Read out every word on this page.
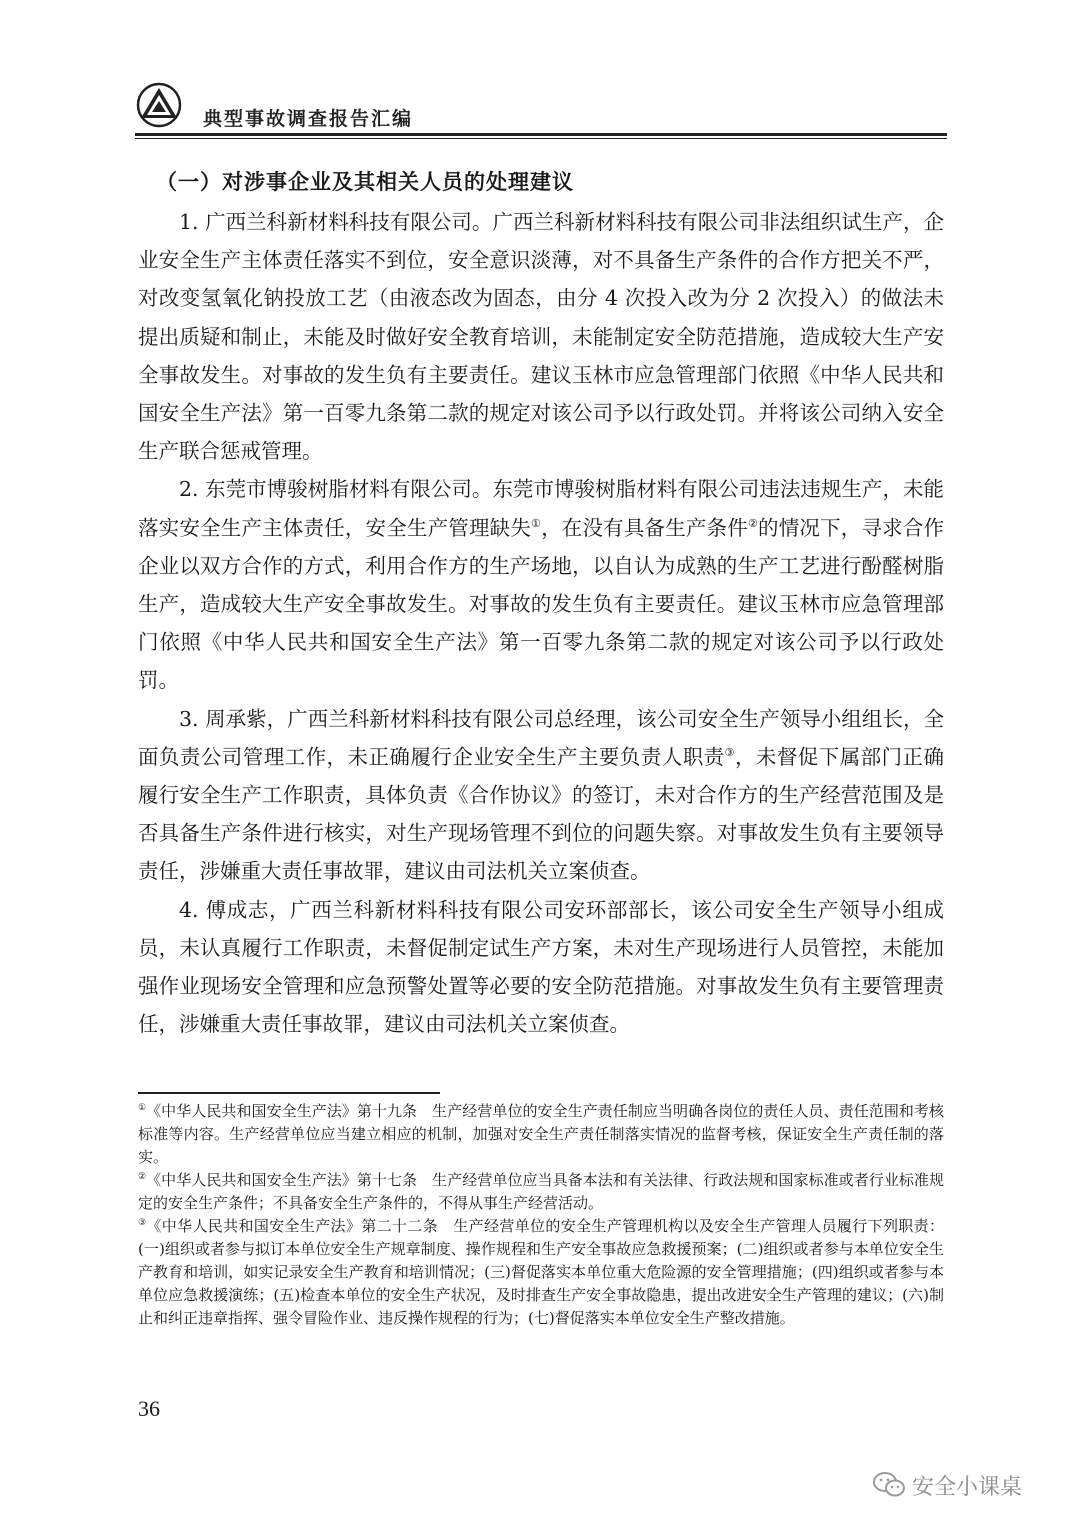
典型事故调查报告汇编
（一）对涉事企业及其相关人员的处理建议

1. 广西兰科新材料科技有限公司。广西兰科新材料科技有限公司非法组织试生产，企业安全生产主体责任落实不到位，安全意识淡薄，对不具备生产条件的合作方把关不严，对改变氢氧化钠投放工艺（由液态改为固态，由分 4 次投入改为分 2 次投入）的做法未提出质疑和制止，未能及时做好安全教育培训，未能制定安全防范措施，造成较大生产安全事故发生。对事故的发生负有主要责任。建议玉林市应急管理部门依照《中华人民共和国安全生产法》第一百零九条第二款的规定对该公司予以行政处罚。并将该公司纳入安全生产联合惩戒管理。

2. 东莞市博骏树脂材料有限公司。东莞市博骏树脂材料有限公司违法违规生产，未能落实安全生产主体责任，安全生产管理缺失①，在没有具备生产条件②的情况下，寻求合作企业以双方合作的方式，利用合作方的生产场地，以自认为成熟的生产工艺进行酚醛树脂生产，造成较大生产安全事故发生。对事故的发生负有主要责任。建议玉林市应急管理部门依照《中华人民共和国安全生产法》第一百零九条第二款的规定对该公司予以行政处罚。

3. 周承紫，广西兰科新材料科技有限公司总经理，该公司安全生产领导小组组长，全面负责公司管理工作，未正确履行企业安全生产主要负责人职责③，未督促下属部门正确履行安全生产工作职责，具体负责《合作协议》的签订，未对合作方的生产经营范围及是否具备生产条件进行核实，对生产现场管理不到位的问题失察。对事故发生负有主要领导责任，涉嫌重大责任事故罪，建议由司法机关立案侦查。

4. 傅成志，广西兰科新材料科技有限公司安环部部长，该公司安全生产领导小组成员，未认真履行工作职责，未督促制定试生产方案，未对生产现场进行人员管控，未能加强作业现场安全管理和应急预警处置等必要的安全防范措施。对事故发生负有主要管理责任，涉嫌重大责任事故罪，建议由司法机关立案侦查。

①《中华人民共和国安全生产法》第十九条　生产经营单位的安全生产责任制应当明确各岗位的责任人员、责任范围和考核标准等内容。生产经营单位应当建立相应的机制，加强对安全生产责任制落实情况的监督考核，保证安全生产责任制的落实。

②《中华人民共和国安全生产法》第十七条　生产经营单位应当具备本法和有关法律、行政法规和国家标准或者行业标准规定的安全生产条件；不具备安全生产条件的，不得从事生产经营活动。

③《中华人民共和国安全生产法》第二十二条　生产经营单位的安全生产管理机构以及安全生产管理人员履行下列职责：(一)组织或者参与拟订本单位安全生产规章制度、操作规程和生产安全事故应急救援预案；(二)组织或者参与本单位安全生产教育和培训，如实记录安全生产教育和培训情况；(三)督促落实本单位重大危险源的安全管理措施；(四)组织或者参与本单位应急救援演练；(五)检查本单位的安全生产状况，及时排查生产安全事故隐患，提出改进安全生产管理的建议；(六)制止和纠正违章指挥、强令冒险作业、违反操作规程的行为；(七)督促落实本单位安全生产整改措施。

36
安全小课桌
